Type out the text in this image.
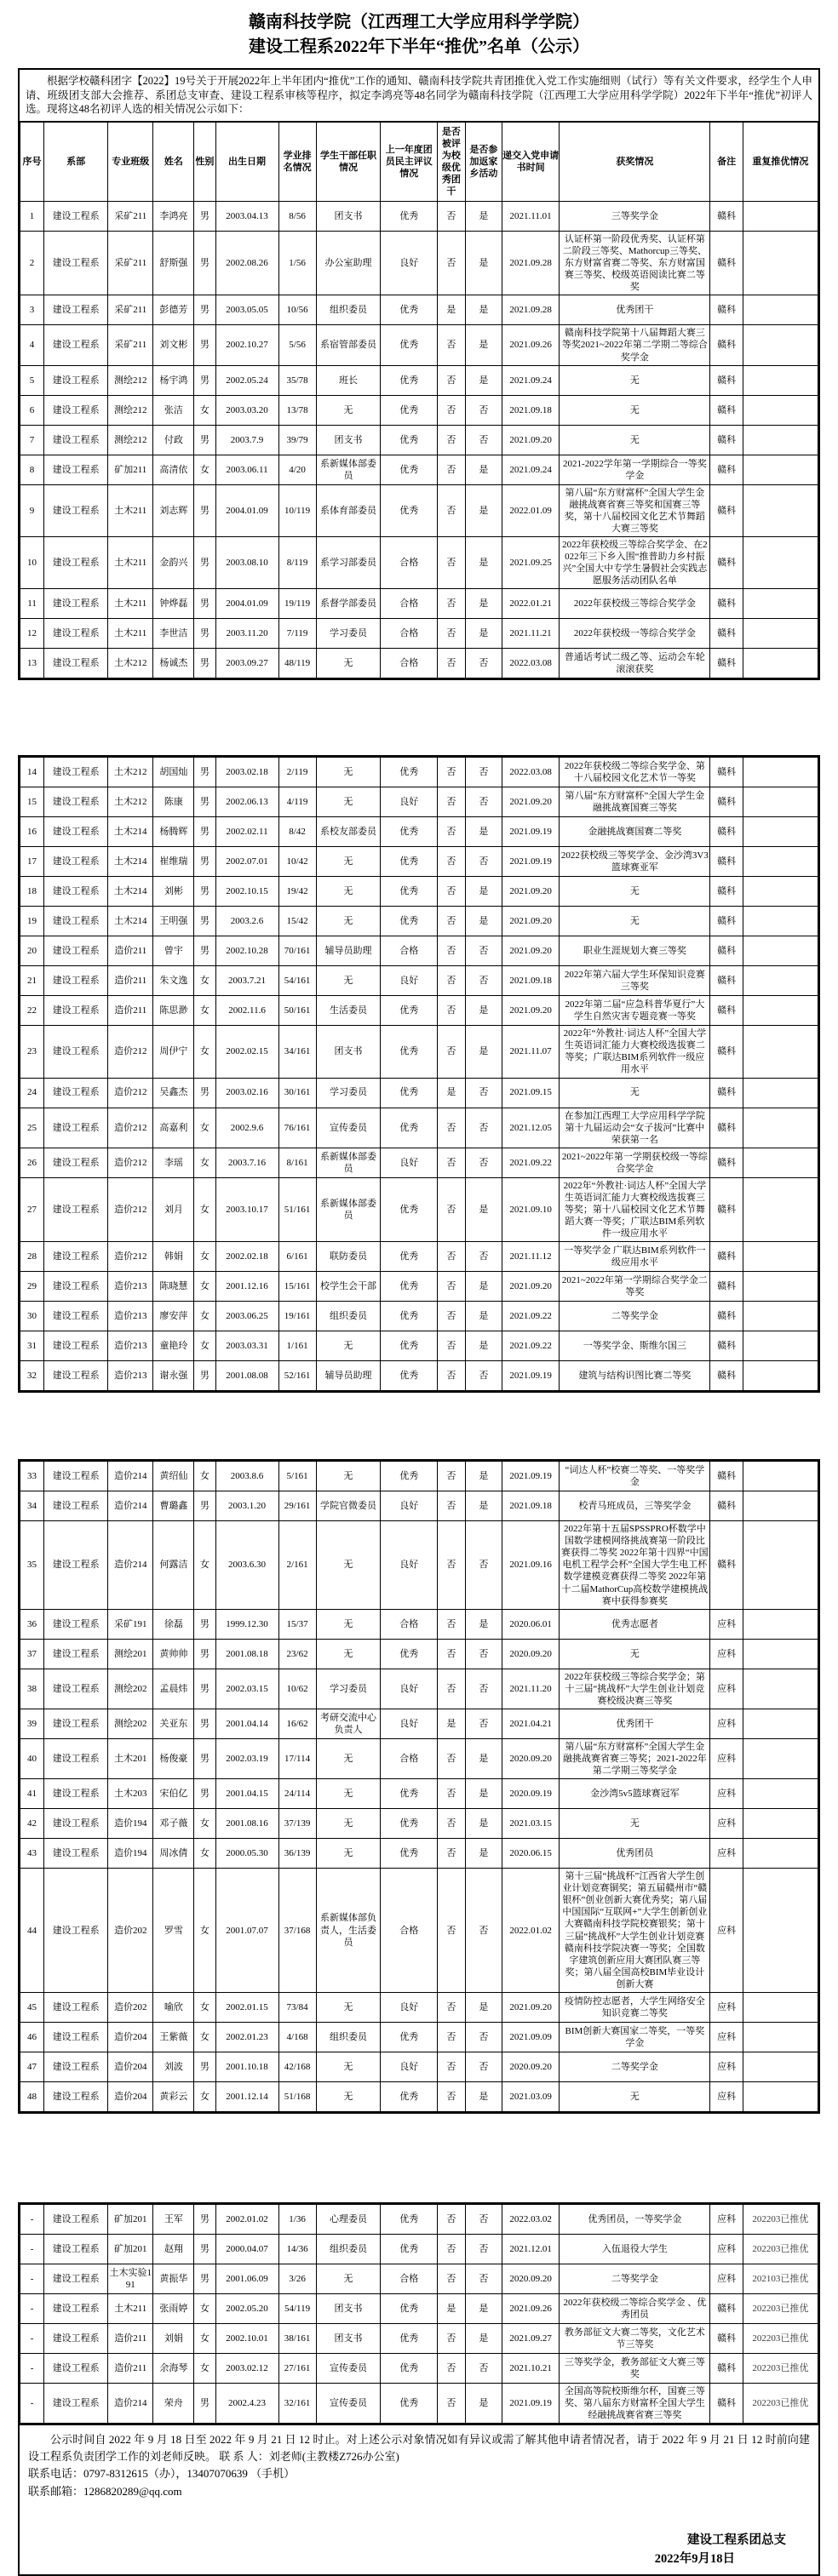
赣南科技学院（江西理工大学应用科学学院）
建设工程系2022年下半年“推优”名单（公示）
根据学校赣科团字【2022】19号关于开展2022年上半年团内“推优”工作的通知、赣南科技学院共青团推优入党工作实施细则（试行）等有关文件要求，经学生个人申请、班级团支部大会推荐、系团总支审查、建设工程系审核等程序，拟定李鸿亮等48名同学为赣南科技学院（江西理工大学应用科学学院）2022年下半年“推优”初评人选。现将这48名初评人选的相关情况公示如下：
序号	系部	专业班级	姓名	性别	出生日期	学业排名情况	学生干部任职情况	上一年度团员民主评议情况	是否被评为校级优秀团干	是否参加返家乡活动	递交入党申请书时间	获奖情况	备注	重复推优情况
1	建设工程系	采矿211	李鸿亮	男	2003.04.13	8/56	团支书	优秀	否	是	2021.11.01	三等奖学金	赣科	
2	建设工程系	采矿211	舒斯强	男	2002.08.26	1/56	办公室助理	良好	否	是	2021.09.28	认证杯第一阶段优秀奖、认证杯第二阶段三等奖、Mathorcup三等奖、东方财富省赛二等奖、东方财富国赛三等奖、校级英语阅读比赛二等奖	赣科	
3	建设工程系	采矿211	彭德芳	男	2003.05.05	10/56	组织委员	优秀	是	是	2021.09.28	优秀团干	赣科	
4	建设工程系	采矿211	刘文彬	男	2002.10.27	5/56	系宿管部委员	优秀	否	是	2021.09.26	赣南科技学院第十八届舞蹈大赛三等奖2021~2022年第二学期二等综合奖学金	赣科	
5	建设工程系	测绘212	杨宇鸿	男	2002.05.24	35/78	班长	优秀	否	是	2021.09.24	无	赣科	
6	建设工程系	测绘212	张洁	女	2003.03.20	13/78	无	优秀	否	否	2021.09.18	无	赣科	
7	建设工程系	测绘212	付政	男	2003.7.9	39/79	团支书	优秀	否	否	2021.09.20	无	赣科	
8	建设工程系	矿加211	高清依	女	2003.06.11	4/20	系新媒体部委员	优秀	否	是	2021.09.24	2021-2022学年第一学期综合一等奖学金	赣科	
9	建设工程系	土木211	刘志辉	男	2004.01.09	10/119	系体育部委员	优秀	否	是	2022.01.09	第八届“东方财富杯”全国大学生金融挑战赛省赛三等奖和国赛三等奖，第十八届校园文化艺术节舞蹈大赛三等奖	赣科	
10	建设工程系	土木211	金韵兴	男	2003.08.10	8/119	系学习部委员	合格	否	是	2021.09.25	2022年获校级三等综合奖学金、在2022年三下乡入围“推普助力乡村振兴”全国大中专学生暑假社会实践志愿服务活动团队名单	赣科	
11	建设工程系	土木211	钟烨磊	男	2004.01.09	19/119	系督学部委员	合格	否	是	2022.01.21	2022年获校级三等综合奖学金	赣科	
12	建设工程系	土木211	李世洁	男	2003.11.20	7/119	学习委员	合格	否	是	2021.11.21	2022年获校级一等综合奖学金	赣科	
13	建设工程系	土木212	杨诚杰	男	2003.09.27	48/119	无	合格	否	否	2022.03.08	普通话考试二级乙等、运动会车轮滚滚获奖	赣科	
14	建设工程系	土木212	胡国灿	男	2003.02.18	2/119	无	优秀	否	否	2022.03.08	2022年获校级二等综合奖学金、第十八届校园文化艺术节一等奖	赣科	
15	建设工程系	土木212	陈康	男	2002.06.13	4/119	无	良好	否	否	2021.09.20	第八届“东方财富杯”全国大学生金融挑战赛国赛三等奖	赣科	
16	建设工程系	土木214	杨腾辉	男	2002.02.11	8/42	系校友部委员	优秀	否	是	2021.09.19	金融挑战赛国赛二等奖	赣科	
17	建设工程系	土木214	崔维瑞	男	2002.07.01	10/42	无	优秀	否	否	2021.09.19	2022获校级三等奖学金、金沙湾3V3篮球赛亚军	赣科	
18	建设工程系	土木214	刘彬	男	2002.10.15	19/42	无	优秀	否	是	2021.09.20	无	赣科	
19	建设工程系	土木214	王明强	男	2003.2.6	15/42	无	优秀	否	是	2021.09.20	无	赣科	
20	建设工程系	造价211	曾宇	男	2002.10.28	70/161	辅导员助理	合格	否	否	2021.09.20	职业生涯规划大赛三等奖	赣科	
21	建设工程系	造价211	朱文逸	女	2003.7.21	54/161	无	良好	否	否	2021.09.18	2022年第六届大学生环保知识竞赛三等奖	赣科	
22	建设工程系	造价211	陈思渺	女	2002.11.6	50/161	生活委员	优秀	否	是	2021.09.20	2022年第二届“应急科普华夏行”大学生自然灾害专题竞赛一等奖	赣科	
23	建设工程系	造价212	周伊宁	女	2002.02.15	34/161	团支书	优秀	否	是	2021.11.07	2022年“外教社·词达人杯”全国大学生英语词汇能力大赛校级选拔赛二等奖；广联达BIM系列软件一级应用水平	赣科	
24	建设工程系	造价212	吴鑫杰	男	2003.02.16	30/161	学习委员	优秀	是	否	2021.09.15	无	赣科	
25	建设工程系	造价212	高嘉利	女	2002.9.6	76/161	宣传委员	优秀	否	否	2021.12.05	在参加江西理工大学应用科学学院第十九届运动会“女子拔河”比赛中荣获第一名	赣科	
26	建设工程系	造价212	李瑶	女	2003.7.16	8/161	系新媒体部委员	良好	否	否	2021.09.22	2021~2022年第一学期获校级一等综合奖学金	赣科	
27	建设工程系	造价212	刘月	女	2003.10.17	51/161	系新媒体部委员	优秀	否	是	2021.09.10	2022年“外教社·词达人杯”全国大学生英语词汇能力大赛校级选拔赛三等奖；第十八届校园文化艺术节舞蹈大赛一等奖；广联达BIM系列软件一级应用水平	赣科	
28	建设工程系	造价212	韩娟	女	2002.02.18	6/161	联防委员	优秀	否	否	2021.11.12	一等奖学金 广联达BIM系列软件一级应用水平	赣科	
29	建设工程系	造价213	陈晓慧	女	2001.12.16	15/161	校学生会干部	优秀	否	是	2021.09.20	2021~2022年第一学期综合奖学金二等奖	赣科	
30	建设工程系	造价213	廖安萍	女	2003.06.25	19/161	组织委员	优秀	否	是	2021.09.22	二等奖学金	赣科	
31	建设工程系	造价213	童艳玲	女	2003.03.31	1/161	无	优秀	否	是	2021.09.22	一等奖学金、斯维尔国三	赣科	
32	建设工程系	造价213	谢永强	男	2001.08.08	52/161	辅导员助理	优秀	否	否	2021.09.19	建筑与结构识图比赛二等奖	赣科	
33	建设工程系	造价214	黄绍仙	女	2003.8.6	5/161	无	优秀	否	是	2021.09.19	“词达人杯”校赛二等奖、一等奖学金	赣科	
34	建设工程系	造价214	曹璐鑫	男	2003.1.20	29/161	学院官微委员	良好	否	是	2021.09.18	校青马班成员，三等奖学金	赣科	
35	建设工程系	造价214	何露洁	女	2003.6.30	2/161	无	良好	否	否	2021.09.16	2022年第十五届SPSSPRO杯数学中国数学建模网络挑战赛第一阶段比赛获得二等奖 2022年第十四界“中国电机工程学会杯”全国大学生电工杯数学建模竞赛获得二等奖 2022年第十二届MathorCup高校数学建模挑战赛中获得参赛奖	赣科	
36	建设工程系	采矿191	徐磊	男	1999.12.30	15/37	无	合格	否	是	2020.06.01	优秀志愿者	应科	
37	建设工程系	测绘201	黄帅帅	男	2001.08.18	23/62	无	优秀	否	否	2020.09.20	无	应科	
38	建设工程系	测绘202	孟晨炜	男	2002.03.15	10/62	学习委员	良好	否	否	2021.11.20	2022年获校级三等综合奖学金；第十三届“挑战杯”大学生创业计划竞赛校级决赛三等奖	应科	
39	建设工程系	测绘202	关亚东	男	2001.04.14	16/62	考研交流中心负责人	良好	是	否	2021.04.21	优秀团干	应科	
40	建设工程系	土木201	杨俊豪	男	2002.03.19	17/114	无	合格	否	是	2020.09.20	第八届“东方财富杯”全国大学生金融挑战赛省赛三等奖；2021-2022年第二学期三等奖学金	应科	
41	建设工程系	土木203	宋伯亿	男	2001.04.15	24/114	无	优秀	否	是	2020.09.19	金沙湾5v5篮球赛冠军	应科	
42	建设工程系	造价194	邓子薇	女	2001.08.16	37/139	无	优秀	否	是	2021.03.15	无	应科	
43	建设工程系	造价194	周冰倩	女	2000.05.30	36/139	无	优秀	否	是	2020.06.15	优秀团员	应科	
44	建设工程系	造价202	罗雪	女	2001.07.07	37/168	系新媒体部负责人，生活委员	合格	否	否	2022.01.02	第十三届“挑战杯”江西省大学生创业计划竞赛铜奖；第五届赣州市“赣银杯”创业创新大赛优秀奖；第八届中国国际“互联网+”大学生创新创业大赛赣南科技学院校赛银奖；第十三届“挑战杯”大学生创业计划竞赛赣南科技学院决赛一等奖；全国数字建筑创新应用大赛团队赛三等奖；第八届全国高校BIM毕业设计创新大赛	应科	
45	建设工程系	造价202	喻欣	女	2002.01.15	73/84	无	良好	否	是	2021.09.20	疫情防控志愿者，大学生网络安全知识竞赛二等奖	应科	
46	建设工程系	造价204	王紫薇	女	2002.01.23	4/168	组织委员	优秀	否	否	2021.09.09	BIM创新大赛国家二等奖，一等奖学金	应科	
47	建设工程系	造价204	刘波	男	2001.10.18	42/168	无	良好	否	否	2020.09.20	二等奖学金	应科	
48	建设工程系	造价204	黄彩云	女	2001.12.14	51/168	无	优秀	否	是	2021.03.09	无	应科	
-	建设工程系	矿加201	王军	男	2002.01.02	1/36	心理委员	优秀	否	否	2022.03.02	优秀团员，一等奖学金	应科	202203已推优
-	建设工程系	矿加201	赵翔	男	2000.04.07	14/36	组织委员	优秀	否	否	2021.12.01	入伍退役大学生	应科	202203已推优
-	建设工程系	土木实验191	黄振华	男	2001.06.09	3/26	无	合格	否	否	2020.09.20	二等奖学金	应科	202103已推优
-	建设工程系	土木211	张雨婷	女	2002.05.20	54/119	团支书	优秀	是	是	2021.09.26	2022年获校级二等综合奖学金 、优秀团员	赣科	202203已推优
-	建设工程系	造价211	刘娟	女	2002.10.01	38/161	团支书	优秀	否	是	2021.09.27	教务部征文大赛二等奖，文化艺术节三等奖	赣科	202203已推优
-	建设工程系	造价211	余海琴	女	2003.02.12	27/161	宣传委员	优秀	否	否	2021.10.21	三等奖学金，教务部征文大赛三等奖	赣科	202203已推优
-	建设工程系	造价214	荣舟	男	2002.4.23	32/161	宣传委员	优秀	否	是	2021.09.19	全国高等院校斯维尔杯，国赛三等奖、第八届东方财富杯全国大学生经融挑战赛省赛三等奖	赣科	202203已推优

公示时间自 2022 年 9 月 18 日至 2022 年 9 月 21 日 12 时止。对上述公示对象情况如有异议或需了解其他申请者情况者，请于 2022 年 9 月 21 日 12 时前向建设工程系负责团学工作的刘老师反映。 联 系 人：刘老师(主教楼Z726办公室)

联系电话：0797-8312615（办），13407070639 （手机）

联系邮箱：1286820289@qq.com

建设工程系团总支

2022年9月18日
